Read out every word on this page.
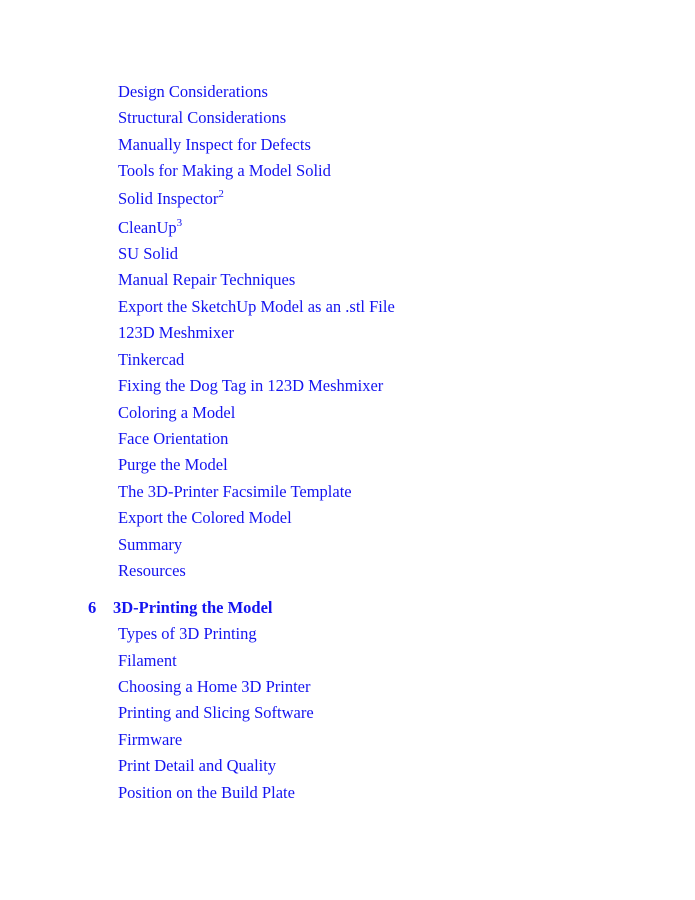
Design Considerations
Structural Considerations
Manually Inspect for Defects
Tools for Making a Model Solid
Solid Inspector$^2$
CleanUp$^3$
SU Solid
Manual Repair Techniques
Export the SketchUp Model as an .stl File
123D Meshmixer
Tinkercad
Fixing the Dog Tag in 123D Meshmixer
Coloring a Model
Face Orientation
Purge the Model
The 3D-Printer Facsimile Template
Export the Colored Model
Summary
Resources
6 3D-Printing the Model
Types of 3D Printing
Filament
Choosing a Home 3D Printer
Printing and Slicing Software
Firmware
Print Detail and Quality
Position on the Build Plate
